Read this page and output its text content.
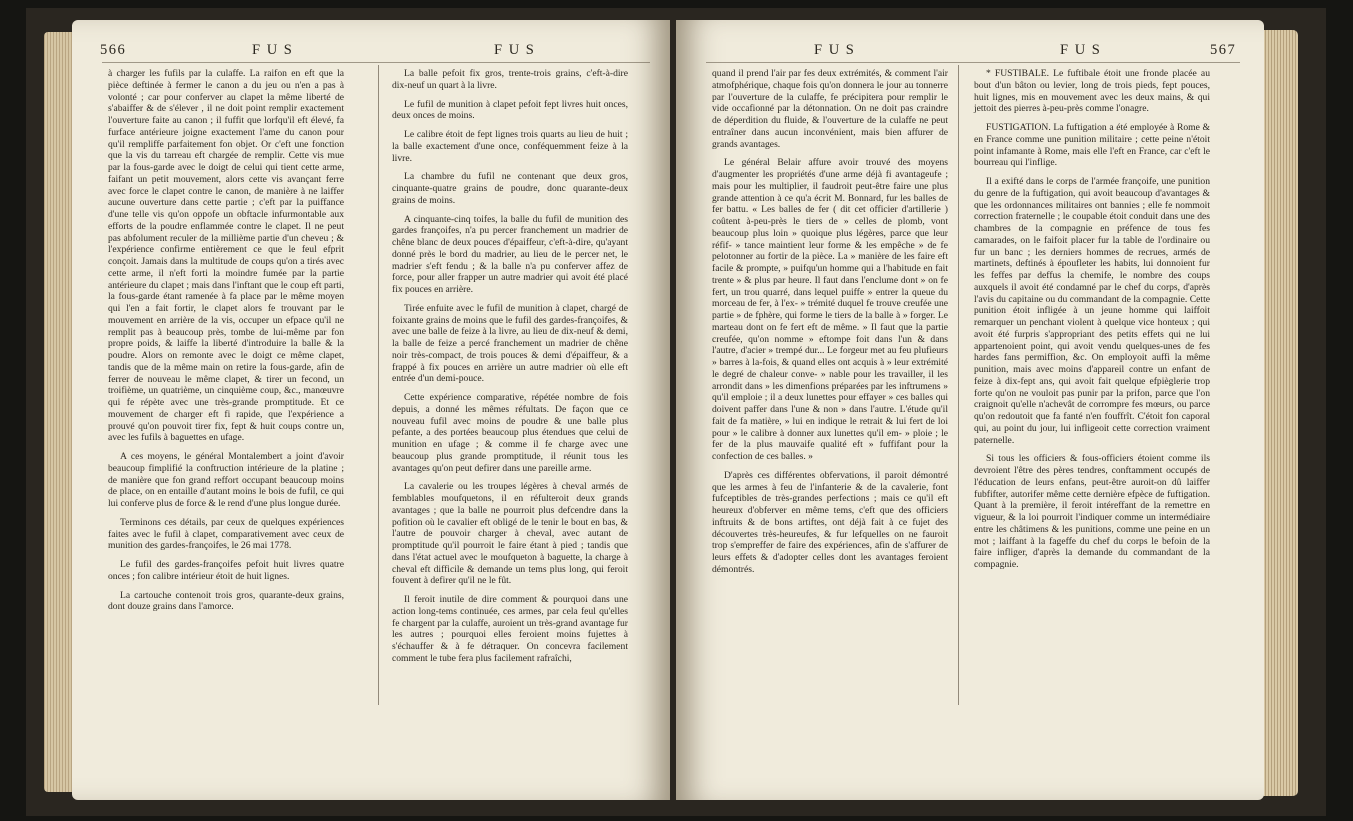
566	F U S	F U S

à charger les fufils par la culaffe. La raifon en eft que la pièce deftinée à fermer le canon a du jeu ou n'en a pas à volonté ; car pour conferver au clapet la même liberté de s'abaiffer & de s'élever , il ne doit point remplir exactement l'ouverture faite au canon ; il fuffit que lorfqu'il eft élevé, fa furface antérieure joigne exactement l'ame du canon pour qu'il rempliffe parfaitement fon objet. Or c'eft une fonction que la vis du tarreau eft chargée de remplir. Cette vis mue par la fous-garde avec le doigt de celui qui tient cette arme, faifant un petit mouvement, alors cette vis avançant ferre avec force le clapet contre le canon, de manière à ne laiffer aucune ouverture dans cette partie ; c'eft par la puiffance d'une telle vis qu'on oppofe un obftacle infurmontable aux efforts de la poudre enflammée contre le clapet. Il ne peut pas abfolument reculer de la millième partie d'un cheveu ; & l'expérience confirme entièrement ce que le feul efprit conçoit. Jamais dans la multitude de coups qu'on a tirés avec cette arme, il n'eft forti la moindre fumée par la partie antérieure du clapet ; mais dans l'inftant que le coup eft parti, la fous-garde étant ramenée à fa place par le même moyen qui l'en a fait fortir, le clapet alors fe trouvant par le mouvement en arrière de la vis, occuper un efpace qu'il ne remplit pas à beaucoup près, tombe de lui-même par fon propre poids, & laiffe la liberté d'introduire la balle & la poudre. Alors on remonte avec le doigt ce même clapet, tandis que de la même main on retire la fous-garde, afin de ferrer de nouveau le même clapet, & tirer un fecond, un troifième, un quatrième, un cinquième coup, &c., manœuvre qui fe répète avec une très-grande promptitude. Et ce mouvement de charger eft fi rapide, que l'expérience a prouvé qu'on pouvoit tirer fix, fept & huit coups contre un, avec les fufils à baguettes en ufage.

A ces moyens, le général Montalembert a joint d'avoir beaucoup fimplifié la conftruction intérieure de la platine ; de manière que fon grand reffort occupant beaucoup moins de place, on en entaille d'autant moins le bois de fufil, ce qui lui conferve plus de force & le rend d'une plus longue durée.

Terminons ces détails, par ceux de quelques expériences faites avec le fufil à clapet, comparativement avec ceux de munition des gardes-françoifes, le 26 mai 1778.

Le fufil des gardes-françoifes pefoit huit livres quatre onces ; fon calibre intérieur étoit de huit lignes.

La cartouche contenoit trois gros, quarante-deux grains, dont douze grains dans l'amorce.

La balle pefoit fix gros, trente-trois grains, c'eft-à-dire dix-neuf un quart à la livre.

Le fufil de munition à clapet pefoit fept livres huit onces, deux onces de moins.

Le calibre étoit de fept lignes trois quarts au lieu de huit ; la balle exactement d'une once, conféquemment feize à la livre.

La chambre du fufil ne contenant que deux gros, cinquante-quatre grains de poudre, donc quarante-deux grains de moins.

A cinquante-cinq toifes, la balle du fufil de munition des gardes françoifes, n'a pu percer franchement un madrier de chêne blanc de deux pouces d'épaiffeur, c'eft-à-dire, qu'ayant donné près le bord du madrier, au lieu de le percer net, le madrier s'eft fendu ; & la balle n'a pu conferver affez de force, pour aller frapper un autre madrier qui avoit été placé fix pouces en arrière.

Tirée enfuite avec le fufil de munition à clapet, chargé de foixante grains de moins que le fufil des gardes-françoifes, & avec une balle de feize à la livre, au lieu de dix-neuf & demi, la balle de feize a percé franchement un madrier de chêne noir très-compact, de trois pouces & demi d'épaiffeur, & a frappé à fix pouces en arrière un autre madrier où elle eft entrée d'un demi-pouce.

Cette expérience comparative, répétée nombre de fois depuis, a donné les mêmes réfultats. De façon que ce nouveau fufil avec moins de poudre & une balle plus pefante, a des portées beaucoup plus étendues que celui de munition en ufage ; & comme il fe charge avec une beaucoup plus grande promptitude, il réunit tous les avantages qu'on peut defirer dans une pareille arme.

La cavalerie ou les troupes légères à cheval armés de femblables moufquetons, il en réfulteroit deux grands avantages ; que la balle ne pourroit plus defcendre dans la pofition où le cavalier eft obligé de le tenir le bout en bas, & l'autre de pouvoir charger à cheval, avec autant de promptitude qu'il pourroit le faire étant à pied ; tandis que dans l'état actuel avec le moufqueton à baguette, la charge à cheval eft difficile & demande un tems plus long, qui feroit fouvent à defirer qu'il ne le fût.

Il feroit inutile de dire comment & pourquoi dans une action long-tems continuée, ces armes, par cela feul qu'elles fe chargent par la culaffe, auroient un très-grand avantage fur les autres ; pourquoi elles feroient moins fujettes à s'échauffer & à fe détraquer. On concevra facilement comment le tube fera plus facilement rafraîchi,

F U S	F U S	567

quand il prend l'air par fes deux extrémités, & comment l'air atmofphérique, chaque fois qu'on donnera le jour au tonnerre par l'ouverture de la culaffe, fe précipitera pour remplir le vide occafionné par la détonnation. On ne doit pas craindre de déperdition du fluide, & l'ouverture de la culaffe ne peut entraîner dans aucun inconvénient, mais bien affurer de grands avantages.

Le général Belair affure avoir trouvé des moyens d'augmenter les propriétés d'une arme déjà fi avantageufe ; mais pour les multiplier, il faudroit peut-être faire une plus grande attention à ce qu'a écrit M. Bonnard, fur les balles de fer battu. « Les balles de fer ( dit cet officier d'artillerie ) coûtent à-peu-près le tiers de » celles de plomb, vont beaucoup plus loin » quoique plus légères, parce que leur réfif- » tance maintient leur forme & les empêche » de fe pelotonner au fortir de la pièce. La » manière de les faire eft facile & prompte, » puifqu'un homme qui a l'habitude en fait trente » & plus par heure. Il faut dans l'enclume dont » on fe fert, un trou quarré, dans lequel puiffe » entrer la queue du morceau de fer, à l'ex- » trémité duquel fe trouve creufée une partie » de fphère, qui forme le tiers de la balle à » forger. Le marteau dont on fe fert eft de même. » Il faut que la partie creufée, qu'on nomme » eftompe foit dans l'un & dans l'autre, d'acier » trempé dur... Le forgeur met au feu plufieurs » barres à la-fois, & quand elles ont acquis à » leur extrémité le degré de chaleur conve- » nable pour les travailler, il les arrondit dans » les dimenfions préparées par les inftrumens » qu'il emploie ; il a deux lunettes pour effayer » ces balles qui doivent paffer dans l'une & non » dans l'autre. L'étude qu'il fait de fa matière, » lui en indique le retrait & lui fert de loi pour » le calibre à donner aux lunettes qu'il em- » ploie ; le fer de la plus mauvaife qualité eft » fuffifant pour la confection de ces balles. »

D'après ces différentes obfervations, il paroit démontré que les armes à feu de l'infanterie & de la cavalerie, font fufceptibles de très-grandes perfections ; mais ce qu'il eft heureux d'obferver en même tems, c'eft que des officiers inftruits & de bons artiftes, ont déjà fait à ce fujet des découvertes très-heureufes, & fur lefquelles on ne fauroit trop s'empreffer de faire des expériences, afin de s'affurer de leurs effets & d'adopter celles dont les avantages feroient démontrés.

* FUSTIBALE. Le fuftibale étoit une fronde placée au bout d'un bâton ou levier, long de trois pieds, fept pouces, huit lignes, mis en mouvement avec les deux mains, & qui jettoit des pierres à-peu-près comme l'onagre.

FUSTIGATION. La fuftigation a été employée à Rome & en France comme une punition militaire ; cette peine n'étoit point infamante à Rome, mais elle l'eft en France, car c'eft le bourreau qui l'inflige.

Il a exifté dans le corps de l'armée françoife, une punition du genre de la fuftigation, qui avoit beaucoup d'avantages & que les ordonnances militaires ont bannies ; elle fe nommoit correction fraternelle ; le coupable étoit conduit dans une des chambres de la compagnie en préfence de tous fes camarades, on le faifoit placer fur la table de l'ordinaire ou fur un banc ; les derniers hommes de recrues, armés de martinets, deftinés à époufleter les habits, lui donnoient fur les feffes par deffus la chemife, le nombre des coups auxquels il avoit été condamné par le chef du corps, d'après l'avis du capitaine ou du commandant de la compagnie. Cette punition étoit infligée à un jeune homme qui laiffoit remarquer un penchant violent à quelque vice honteux ; qui avoit été furpris s'appropriant des petits effets qui ne lui appartenoient point, qui avoit vendu quelques-unes de fes hardes fans permiffion, &c. On employoit auffi la même punition, mais avec moins d'appareil contre un enfant de feize à dix-fept ans, qui avoit fait quelque efpièglerie trop forte qu'on ne vouloit pas punir par la prifon, parce que l'on craignoit qu'elle n'achevât de corrompre fes mœurs, ou parce qu'on redoutoit que fa fanté n'en fouffrît. C'étoit fon caporal qui, au point du jour, lui infligeoit cette correction vraiment paternelle.

Si tous les officiers & fous-officiers étoient comme ils devroient l'être des pères tendres, conftamment occupés de l'éducation de leurs enfans, peut-être auroit-on dû laiffer fubfifter, autorifer même cette dernière efpèce de fuftigation. Quant à la première, il feroit intéreffant de la remettre en vigueur, & la loi pourroit l'indiquer comme un intermédiaire entre les châtimens & les punitions, comme une peine en un mot ; laiffant à la fageffe du chef du corps le befoin de la faire infliger, d'après la demande du commandant de la compagnie.
